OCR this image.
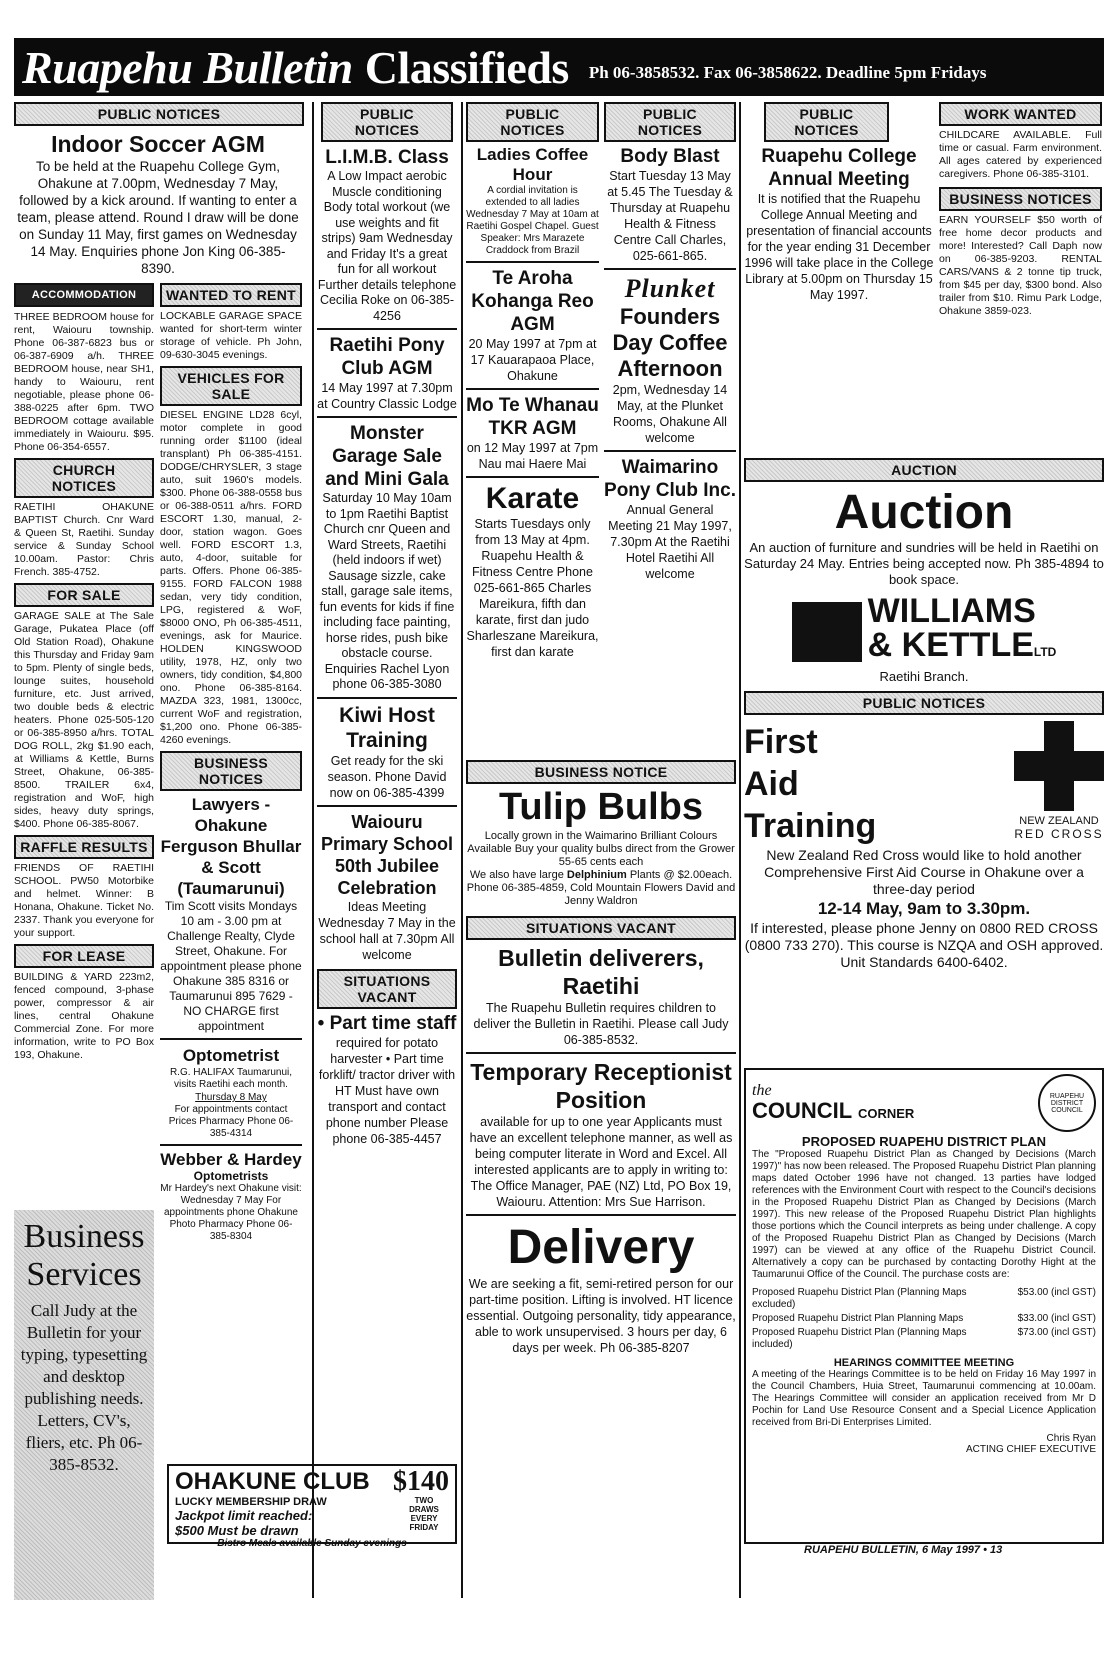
Ruapehu Bulletin Classifieds Ph 06-3858532. Fax 06-3858622. Deadline 5pm Fridays
PUBLIC NOTICES
Indoor Soccer AGM
To be held at the Ruapehu College Gym, Ohakune at 7.00pm, Wednesday 7 May, followed by a kick around. If wanting to enter a team, please attend. Round I draw will be done on Sunday 11 May, first games on Wednesday 14 May. Enquiries phone Jon King 06-385-8390.
ACCOMMODATION
THREE BEDROOM house for rent, Waiouru township. Phone 06-387-6823 bus or 06-387-6909 a/h. THREE BEDROOM house, near SH1, handy to Waiouru, rent negotiable, please phone 06-388-0225 after 6pm. TWO BEDROOM cottage available immediately in Waiouru. $95. Phone 06-354-6557.
CHURCH NOTICES
RAETIHI OHAKUNE BAPTIST Church. Cnr Ward & Queen St, Raetihi. Sunday service & Sunday School 10.00am. Pastor: Chris French. 385-4752.
FOR SALE
GARAGE SALE at The Sale Garage, Pukatea Place (off Old Station Road), Ohakune this Thursday and Friday 9am to 5pm. Plenty of single beds, lounge suites, household furniture, etc. Just arrived, two double beds & electric heaters. Phone 025-505-120 or 06-385-8950 a/hrs. TOTAL DOG ROLL, 2kg $1.90 each, at Williams & Kettle, Burns Street, Ohakune, 06-385-8500. TRAILER 6x4, registration and WoF, high sides, heavy duty springs, $400. Phone 06-385-8067.
RAFFLE RESULTS
FRIENDS OF RAETIHI SCHOOL. PW50 Motorbike and helmet. Winner: B Honana, Ohakune. Ticket No. 2337. Thank you everyone for your support.
FOR LEASE
BUILDING & YARD 223m2, fenced compound, 3-phase power, compressor & air lines, central Ohakune Commercial Zone. For more information, write to PO Box 193, Ohakune.
WANTED TO RENT
LOCKABLE GARAGE SPACE wanted for short-term winter storage of vehicle. Ph John, 09-630-3045 evenings.
VEHICLES FOR SALE
DIESEL ENGINE LD28 6cyl, motor complete in good running order $1100 (ideal transplant) Ph 06-385-4151. DODGE/CHRYSLER, 3 stage auto, suit 1960's models. $300. Phone 06-388-0558 bus or 06-388-0511 a/hrs. FORD ESCORT 1.30, manual, 2-door, station wagon. Goes well. FORD ESCORT 1.3, auto, 4-door, suitable for parts. Offers. Phone 06-385-9155. FORD FALCON 1988 sedan, very tidy condition, LPG, registered & WoF, $8000 ONO, Ph 06-385-4511, evenings, ask for Maurice. HOLDEN KINGSWOOD utility, 1978, HZ, only two owners, tidy condition, $4,800 ono. Phone 06-385-8164. MAZDA 323, 1981, 1300cc, current WoF and registration, $1,200 ono. Phone 06-385-4260 evenings.
BUSINESS NOTICES
Lawyers - Ohakune Ferguson Bhullar & Scott (Taumarunui)
Tim Scott visits Mondays 10 am - 3.00 pm at Challenge Realty, Clyde Street, Ohakune. For appointment please phone Ohakune 385 8316 or Taumarunui 895 7629 - NO CHARGE first appointment
Optometrist
R.G. HALIFAX Taumarunui, visits Raetihi each month.
Thursday 8 May
For appointments contact Prices Pharmacy Phone 06-385-4314
Webber & Hardey
Optometrists
Mr Hardey's next Ohakune visit: Wednesday 7 May For appointments phone Ohakune Photo Pharmacy Phone 06-385-8304
Business Services
Call Judy at the Bulletin for your typing, typesetting and desktop publishing needs. Letters, CV's, fliers, etc. Ph 06-385-8532.
PUBLIC NOTICES
L.I.M.B. Class
A Low Impact aerobic Muscle conditioning Body total workout (we use weights and fit strips) 9am Wednesday and Friday It's a great fun for all workout Further details telephone Cecilia Roke on 06-385-4256
Raetihi Pony Club AGM
14 May 1997 at 7.30pm at Country Classic Lodge
Monster Garage Sale and Mini Gala
Saturday 10 May 10am to 1pm Raetihi Baptist Church cnr Queen and Ward Streets, Raetihi (held indoors if wet) Sausage sizzle, cake stall, garage sale items, fun events for kids if fine including face painting, horse rides, push bike obstacle course. Enquiries Rachel Lyon phone 06-385-3080
Kiwi Host Training
Get ready for the ski season. Phone David now on 06-385-4399
Waiouru Primary School 50th Jubilee Celebration
Ideas Meeting Wednesday 7 May in the school hall at 7.30pm All welcome
SITUATIONS VACANT
• Part time staff
required for potato harvester • Part time forklift/ tractor driver with HT Must have own transport and contact phone number Please phone 06-385-4457
PUBLIC NOTICES
Ladies Coffee Hour
A cordial invitation is extended to all ladies Wednesday 7 May at 10am at Raetihi Gospel Chapel. Guest Speaker: Mrs Marazete Craddock from Brazil
Te Aroha Kohanga Reo AGM
20 May 1997 at 7pm at 17 Kauarapaoa Place, Ohakune
Mo Te Whanau TKR AGM
on 12 May 1997 at 7pm Nau mai Haere Mai
Karate
Starts Tuesdays only from 13 May at 4pm. Ruapehu Health & Fitness Centre Phone 025-661-865 Charles Mareikura, fifth dan karate, first dan judo Sharleszane Mareikura, first dan karate
PUBLIC NOTICES
Body Blast
Start Tuesday 13 May at 5.45 The Tuesday & Thursday at Ruapehu Health & Fitness Centre Call Charles, 025-661-865.
Plunket
Founders Day Coffee Afternoon
2pm, Wednesday 14 May, at the Plunket Rooms, Ohakune All welcome
Waimarino Pony Club Inc.
Annual General Meeting 21 May 1997, 7.30pm At the Raetihi Hotel Raetihi All welcome
BUSINESS NOTICE
Tulip Bulbs
Locally grown in the Waimarino Brilliant Colours Available Buy your quality bulbs direct from the Grower 55-65 cents each
We also have large Delphinium Plants @ $2.00each.
Phone 06-385-4859, Cold Mountain Flowers David and Jenny Waldron
SITUATIONS VACANT
Bulletin deliverers, Raetihi
The Ruapehu Bulletin requires children to deliver the Bulletin in Raetihi. Please call Judy 06-385-8532.
Temporary Receptionist Position
available for up to one year Applicants must have an excellent telephone manner, as well as being computer literate in Word and Excel. All interested applicants are to apply in writing to: The Office Manager, PAE (NZ) Ltd, PO Box 19, Waiouru. Attention: Mrs Sue Harrison.
Delivery
We are seeking a fit, semi-retired person for our part-time position. Lifting is involved. HT licence essential. Outgoing personality, tidy appearance, able to work unsupervised. 3 hours per day, 6 days per week. Ph 06-385-8207
OHAKUNE CLUB $140
LUCKY MEMBERSHIP DRAW
Jackpot limit reached:
$500 Must be drawn
TWO DRAWS EVERY FRIDAY
Bistro Meals available Sunday evenings
PUBLIC NOTICES
Ruapehu College Annual Meeting
It is notified that the Ruapehu College Annual Meeting and presentation of financial accounts for the year ending 31 December 1996 will take place in the College Library at 5.00pm on Thursday 15 May 1997.
WORK WANTED
CHILDCARE AVAILABLE. Full time or casual. Farm environment. All ages catered by experienced caregivers. Phone 06-385-3101.
BUSINESS NOTICES
EARN YOURSELF $50 worth of free home decor products and more! Interested? Call Daph now on 06-385-9203. RENTAL CARS/VANS & 2 tonne tip truck, from $45 per day, $300 bond. Also trailer from $10. Rimu Park Lodge, Ohakune 3859-023.
AUCTION
Auction
An auction of furniture and sundries will be held in Raetihi on Saturday 24 May. Entries being accepted now. Ph 385-4894 to book space.
WILLIAMS
& KETTLELTD
Raetihi Branch.
PUBLIC NOTICES
First
Aid
Training	NEW ZEALAND
RED CROSS
New Zealand Red Cross would like to hold another Comprehensive First Aid Course in Ohakune over a three-day period
12-14 May, 9am to 3.30pm.
If interested, please phone Jenny on 0800 RED CROSS (0800 733 270). This course is NZQA and OSH approved. Unit Standards 6400-6402.
the
COUNCIL CORNER
RUAPEHU DISTRICT COUNCIL
PROPOSED RUAPEHU DISTRICT PLAN
The "Proposed Ruapehu District Plan as Changed by Decisions (March 1997)" has now been released. The Proposed Ruapehu District Plan planning maps dated October 1996 have not changed. 13 parties have lodged references with the Environment Court with respect to the Council's decisions in the Proposed Ruapehu District Plan as Changed by Decisions (March 1997). This new release of the Proposed Ruapehu District Plan highlights those portions which the Council interprets as being under challenge. A copy of the Proposed Ruapehu District Plan as Changed by Decisions (March 1997) can be viewed at any office of the Ruapehu District Council. Alternatively a copy can be purchased by contacting Dorothy Hight at the Taumarunui Office of the Council. The purchase costs are:
Proposed Ruapehu District Plan (Planning Maps excluded)
$53.00 (incl GST)
Proposed Ruapehu District Plan Planning Maps	$33.00 (incl GST)
Proposed Ruapehu District Plan (Planning Maps included)
$73.00 (incl GST)
HEARINGS COMMITTEE MEETING
A meeting of the Hearings Committee is to be held on Friday 16 May 1997 in the Council Chambers, Huia Street, Taumarunui commencing at 10.00am. The Hearings Committee will consider an application received from Mr D Pochin for Land Use Resource Consent and a Special Licence Application received from Bri-Di Enterprises Limited.
Chris Ryan
ACTING CHIEF EXECUTIVE
RUAPEHU BULLETIN, 6 May 1997 • 13
